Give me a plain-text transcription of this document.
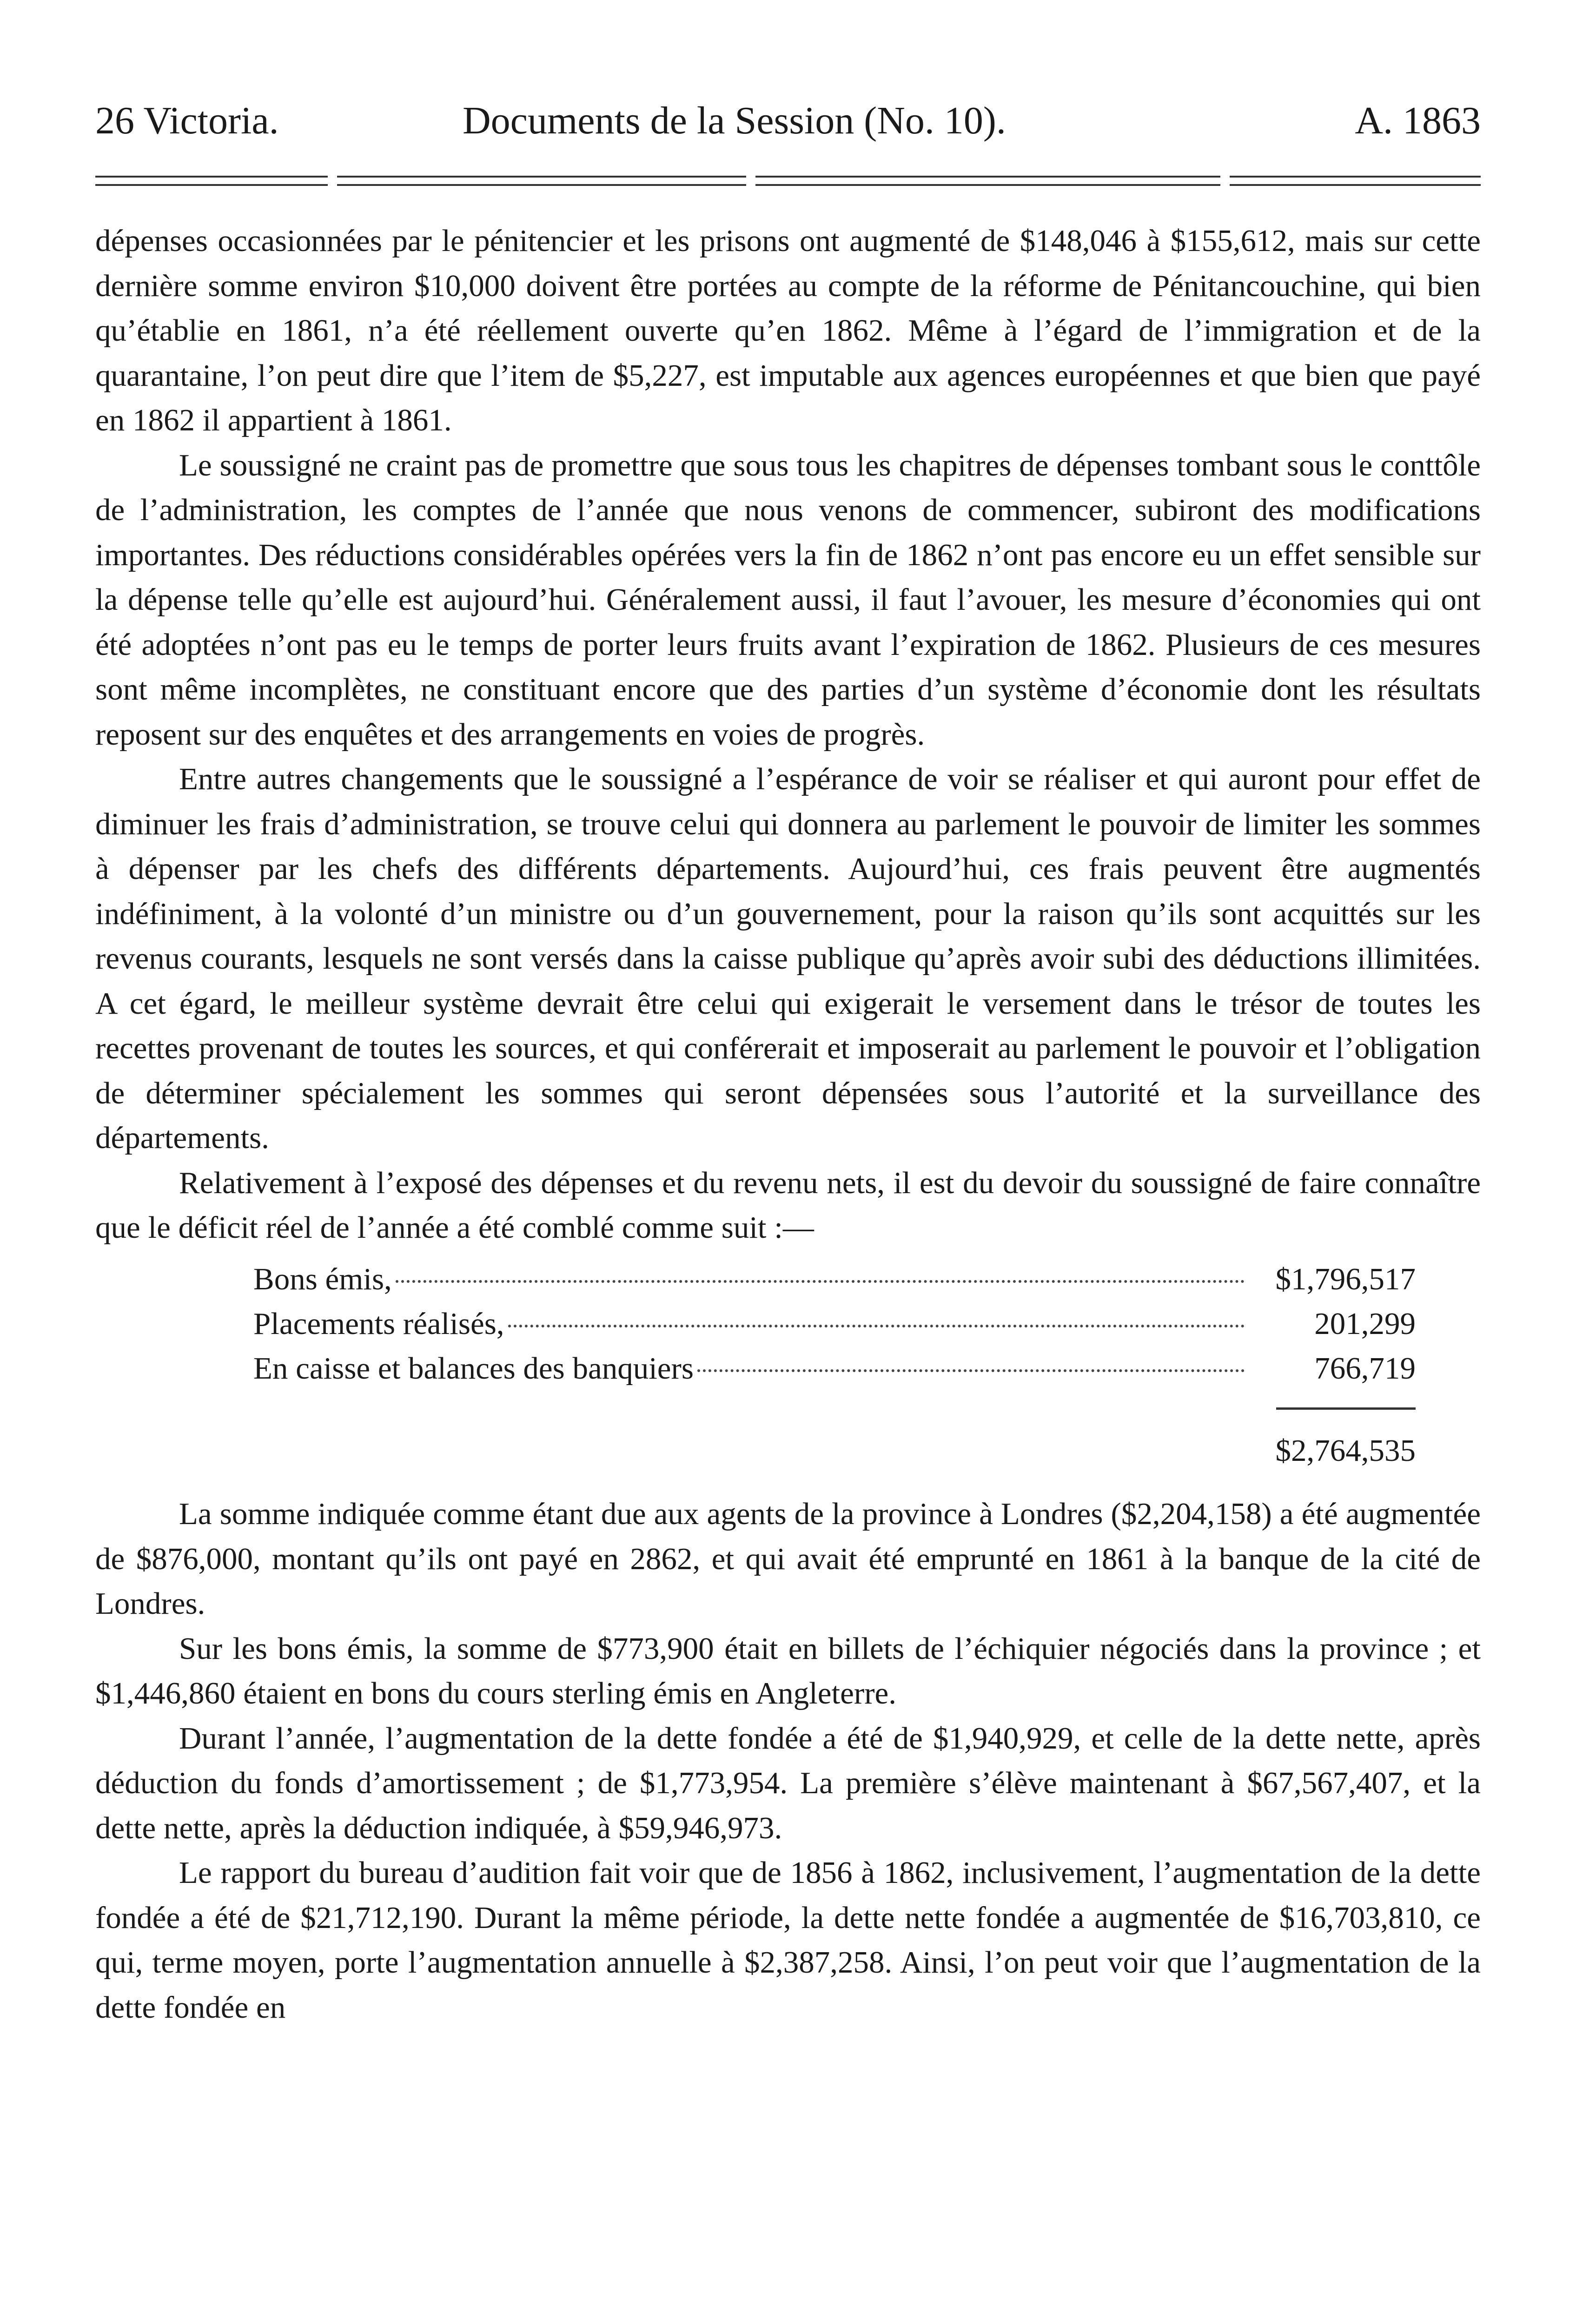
26 Victoria.	Documents de la Session (No. 10).	A. 1863

dépenses occasionnées par le pénitencier et les prisons ont augmenté de $148,046 à $155,612, mais sur cette dernière somme environ $10,000 doivent être portées au compte de la réforme de Pénitancouchine, qui bien qu’établie en 1861, n’a été réellement ouverte qu’en 1862. Même à l’égard de l’immigration et de la quarantaine, l’on peut dire que l’item de $5,227, est imputable aux agences européennes et que bien que payé en 1862 il appartient à 1861.

Le soussigné ne craint pas de promettre que sous tous les chapitres de dépenses tombant sous le conttôle de l’administration, les comptes de l’année que nous venons de commencer, subiront des modifications importantes. Des réductions considérables opérées vers la fin de 1862 n’ont pas encore eu un effet sensible sur la dépense telle qu’elle est aujourd’hui. Généralement aussi, il faut l’avouer, les mesure d’économies qui ont été adoptées n’ont pas eu le temps de porter leurs fruits avant l’expiration de 1862. Plusieurs de ces mesures sont même incomplètes, ne constituant encore que des parties d’un système d’économie dont les résultats reposent sur des enquêtes et des arrangements en voies de progrès.

Entre autres changements que le soussigné a l’espérance de voir se réaliser et qui auront pour effet de diminuer les frais d’administration, se trouve celui qui donnera au parlement le pouvoir de limiter les sommes à dépenser par les chefs des différents départements. Aujourd’hui, ces frais peuvent être augmentés indéfiniment, à la volonté d’un ministre ou d’un gouvernement, pour la raison qu’ils sont acquittés sur les revenus courants, lesquels ne sont versés dans la caisse publique qu’après avoir subi des déductions illimitées. A cet égard, le meilleur système devrait être celui qui exigerait le versement dans le trésor de toutes les recettes provenant de toutes les sources, et qui conférerait et imposerait au parlement le pouvoir et l’obligation de déterminer spécialement les sommes qui seront dépensées sous l’autorité et la surveillance des départements.

Relativement à l’exposé des dépenses et du revenu nets, il est du devoir du soussigné de faire connaître que le déficit réel de l’année a été comblé comme suit :—

Bons émis,	$1,796,517
Placements réalisés,	201,299
En caisse et balances des banquiers	766,719
$2,764,535

La somme indiquée comme étant due aux agents de la province à Londres ($2,204,158) a été augmentée de $876,000, montant qu’ils ont payé en 2862, et qui avait été emprunté en 1861 à la banque de la cité de Londres.

Sur les bons émis, la somme de $773,900 était en billets de l’échiquier négociés dans la province ; et $1,446,860 étaient en bons du cours sterling émis en Angleterre.

Durant l’année, l’augmentation de la dette fondée a été de $1,940,929, et celle de la dette nette, après déduction du fonds d’amortissement ; de $1,773,954. La première s’élève maintenant à $67,567,407, et la dette nette, après la déduction indiquée, à $59,946,973.

Le rapport du bureau d’audition fait voir que de 1856 à 1862, inclusivement, l’augmentation de la dette fondée a été de $21,712,190. Durant la même période, la dette nette fondée a augmentée de $16,703,810, ce qui, terme moyen, porte l’augmentation annuelle à $2,387,258. Ainsi, l’on peut voir que l’augmentation de la dette fondée en
